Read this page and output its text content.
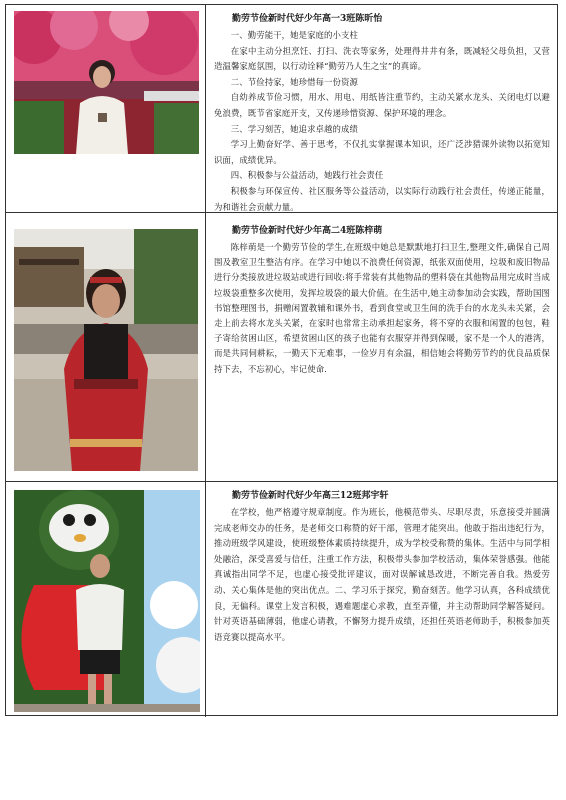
勤劳节俭新时代好少年高一3班陈昕怡

一、勤劳能干，她是家庭的小支柱

在家中主动分担烹饪、打扫、洗衣等家务，处理得井井有条，既减轻父母负担，又营造温馨家庭氛围，以行动诠释“勤劳乃人生之宝”的真谛。

二、节俭持家，她珍惜每一份资源

自幼养成节俭习惯，用水、用电、用纸皆注重节约，主动关紧水龙头、关闭电灯以避免浪费，既节省家庭开支，又传递珍惜资源、保护环境的理念。

三、学习刻苦，她追求卓越的成绩

学习上勤奋好学、善于思考，不仅扎实掌握课本知识，还广泛涉猎课外读物以拓宽知识面，成绩优异。

四、积极参与公益活动，她践行社会责任

积极参与环保宣传、社区服务等公益活动，以实际行动践行社会责任，传递正能量，为和谐社会贡献力量。

勤劳节俭新时代好少年高二4班陈梓萌

陈梓萌是一个勤劳节俭的学生,在班级中她总是默默地打扫卫生,整理文件,确保自己周围及教室卫生整洁有序。在学习中她以不浪费任何资源，纸张双面使用，垃圾和废旧物品进行分类接放进垃圾站或进行回收:将手常装有其他物品的塑料袋在其他物品用完成时当成垃圾袋重整多次使用，发挥垃圾袋的最大价值。在生活中,她主动参加动会实践，帮助国图书馆整理图书，捐赠闲置教辅和课外书，看到食堂或卫生间的洗手台的水龙头未关紧，会走上前去将水龙头关紧，在家时也常常主动承担起家务，将不穿的衣服和闲置的包包，鞋子寄给贫困山区，希望贫困山区的孩子也能有衣服穿并得到保暖，家不是一个人的港湾，而是共同伺耕耘，一勤天下无难事，一俭岁月有余温，相信她会将勤劳节约的优良品质保持下去，不忘初心，牢记使命.

勤劳节俭新时代好少年高三12班邦宇轩

在学校，他严格遵守规章制度。作为班长，他模范带头、尽职尽责，乐意接受并圆满完成老师交办的任务，是老师交口称赞的好干部，管理才能突出。他敢于指出违纪行为，推动班级学风建设，使班级整体素质持续提升，成为学校受称赞的集体。生活中与同学相处融洽，深受喜爱与信任，注重工作方法，积极带头参加学校活动，集体荣誉感强。他能真诚指出同学不足，也虚心接受批评建议，面对误解诚恳改进，不断完善自我。热爱劳动、关心集体是他的突出优点。二、学习乐于探究，勤奋刻苦。他学习认真，各科成绩优良，无偏科。课堂上发言积极，遇难题虚心求教，直至弄懂，并主动帮助同学解答疑问。针对英语基础薄弱，他虚心请教，不懈努力提升成绩，还担任英语老师助手，积极参加英语竞赛以提高水平。
